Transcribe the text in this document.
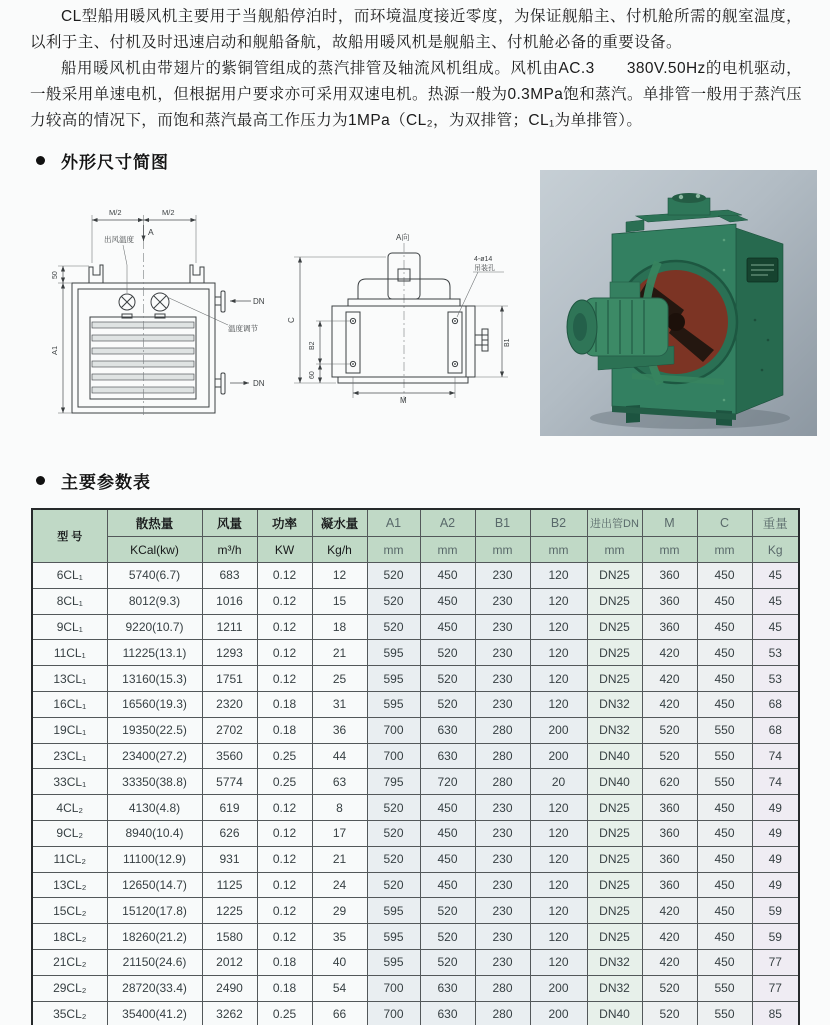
CL型船用暖风机主要用于当舰船停泊时，而环境温度接近零度，为保证舰船主、付机舱所需的舰室温度，以利于主、付机及时迅速启动和舰船备航，故船用暖风机是舰船主、付机舱必备的重要设备。

船用暖风机由带翅片的紫铜管组成的蒸汽排管及轴流风机组成。风机由AC.3　　380V.50Hz的电机驱动，一般采用单速电机，但根据用户要求亦可采用双速电机。热源一般为0.3MPa饱和蒸汽。单排管一般用于蒸汽压力较高的情况下，而饱和蒸汽最高工作压力为1MPa（CL₂，为双排管；CL₁为单排管）。

外形尺寸简图
M/2	M/2
A
出风温度
50
A1
DN
DN
温度调节
A向
C
B2
60
B1
M
4-ø14
吊装孔
主要参数表
型 号	散热量	风量	功率	凝水量	A1	A2	B1	B2	进出管DN	M	C	重量
	KCal(kw)	m³/h	KW	Kg/h	mm	mm	mm	mm	mm	mm	mm	Kg
6CL₁	5740(6.7)	683	0.12	12	520	450	230	120	DN25	360	450	45
8CL₁	8012(9.3)	1016	0.12	15	520	450	230	120	DN25	360	450	45
9CL₁	9220(10.7)	1211	0.12	18	520	450	230	120	DN25	360	450	45
11CL₁	11225(13.1)	1293	0.12	21	595	520	230	120	DN25	420	450	53
13CL₁	13160(15.3)	1751	0.12	25	595	520	230	120	DN25	420	450	53
16CL₁	16560(19.3)	2320	0.18	31	595	520	230	120	DN32	420	450	68
19CL₁	19350(22.5)	2702	0.18	36	700	630	280	200	DN32	520	550	68
23CL₁	23400(27.2)	3560	0.25	44	700	630	280	200	DN40	520	550	74
33CL₁	33350(38.8)	5774	0.25	63	795	720	280	20	DN40	620	550	74
4CL₂	4130(4.8)	619	0.12	8	520	450	230	120	DN25	360	450	49
9CL₂	8940(10.4)	626	0.12	17	520	450	230	120	DN25	360	450	49
11CL₂	11100(12.9)	931	0.12	21	520	450	230	120	DN25	360	450	49
13CL₂	12650(14.7)	1125	0.12	24	520	450	230	120	DN25	360	450	49
15CL₂	15120(17.8)	1225	0.12	29	595	520	230	120	DN25	420	450	59
18CL₂	18260(21.2)	1580	0.12	35	595	520	230	120	DN25	420	450	59
21CL₂	21150(24.6)	2012	0.18	40	595	520	230	120	DN32	420	450	77
29CL₂	28720(33.4)	2490	0.18	54	700	630	280	200	DN32	520	550	77
35CL₂	35400(41.2)	3262	0.25	66	700	630	280	200	DN40	520	550	85
